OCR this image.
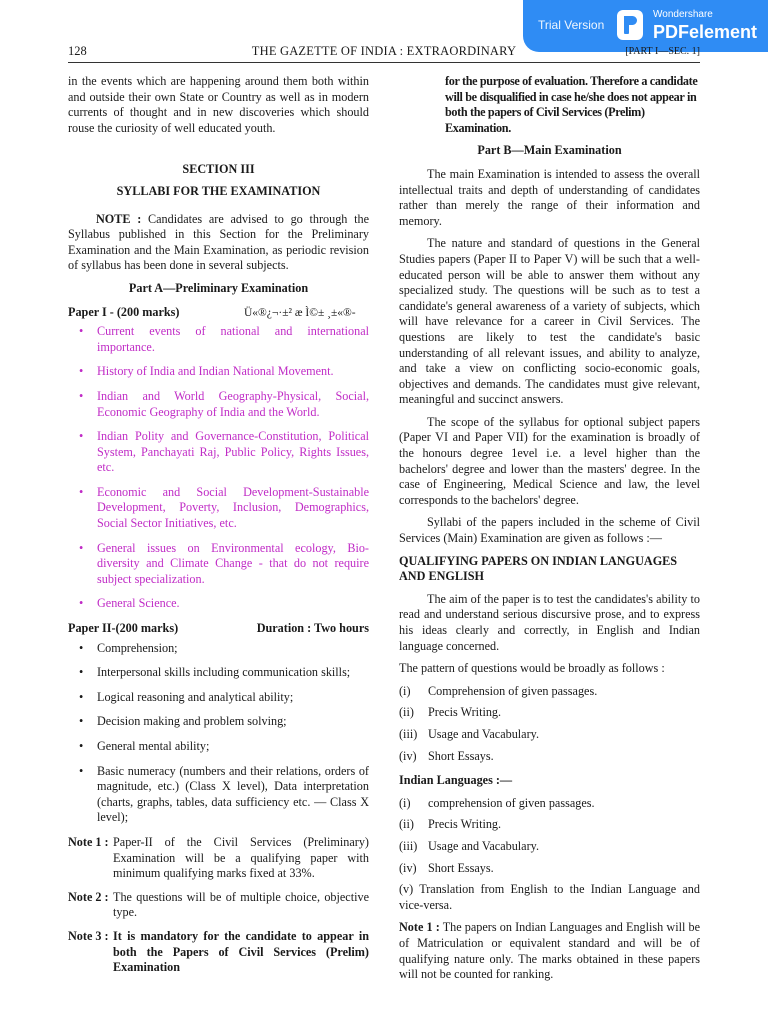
Trial Version
Wondershare
PDFelement
THE GAZETTE OF INDIA : EXTRAORDINARY
128	[PART I—SEC. 1]

in the events which are happening around them both within and outside their own State or Country as well as in modern currents of thought and in new discoveries which should rouse the curiosity of well educated youth.

SECTION III
SYLLABI FOR THE EXAMINATION

NOTE : Candidates are advised to go through the Syllabus published in this Section for the Preliminary Examination and the Main Examination, as periodic revision of syllabus has been done in several subjects.

Part A—Preliminary Examination
Paper I - (200 marks)	Ü«®¿¬·±² æ Ì©± ¸±«®-
• Current events of national and international importance.
• History of India and Indian National Movement.
• Indian and World Geography-Physical, Social, Economic Geography of India and the World.
• Indian Polity and Governance-Constitution, Political System, Panchayati Raj, Public Policy, Rights Issues, etc.
• Economic and Social Development-Sustainable Development, Poverty, Inclusion, Demographics, Social Sector Initiatives, etc.
• General issues on Environmental ecology, Bio-diversity and Climate Change - that do not require subject specialization.
• General Science.
Paper II-(200 marks)	Duration : Two hours
• Comprehension;
• Interpersonal skills including communication skills;
• Logical reasoning and analytical ability;
• Decision making and problem solving;
• General mental ability;
• Basic numeracy (numbers and their relations, orders of magnitude, etc.) (Class X level), Data interpretation (charts, graphs, tables, data sufficiency etc. — Class X level);
Note 1 : Paper-II of the Civil Services (Preliminary) Examination will be a qualifying paper with minimum qualifying marks fixed at 33%.
Note 2 : The questions will be of multiple choice, objective type.
Note 3 : It is mandatory for the candidate to appear in both the Papers of Civil Services (Prelim) Examination

for the purpose of evaluation. Therefore a candidate will be disqualified in case he/she does not appear in both the papers of Civil Services (Prelim) Examination.

Part B—Main Examination

The main Examination is intended to assess the overall intellectual traits and depth of understanding of candidates rather than merely the range of their information and memory.

The nature and standard of questions in the General Studies papers (Paper II to Paper V) will be such that a well-educated person will be able to answer them without any specialized study. The questions will be such as to test a candidate's general awareness of a variety of subjects, which will have relevance for a career in Civil Services. The questions are likely to test the candidate's basic understanding of all relevant issues, and ability to analyze, and take a view on conflicting socio-economic goals, objectives and demands. The candidates must give relevant, meaningful and succinct answers.

The scope of the syllabus for optional subject papers (Paper VI and Paper VII) for the examination is broadly of the honours degree 1evel i.e. a level higher than the bachelors' degree and lower than the masters' degree. In the case of Engineering, Medical Science and law, the level corresponds to the bachelors' degree.

Syllabi of the papers included in the scheme of Civil Services (Main) Examination are given as follows :—

QUALIFYING PAPERS ON INDIAN LANGUAGES AND ENGLISH

The aim of the paper is to test the candidates's ability to read and understand serious discursive prose, and to express his ideas clearly and correctly, in English and Indian language concerned.

The pattern of questions would be broadly as follows :

(i)	Comprehension of given passages.
(ii)	Precis Writing.
(iii) Usage and Vacabulary.
(iv) Short Essays.

Indian Languages :—

(i)	comprehension of given passages.
(ii)	Precis Writing.
(iii) Usage and Vacabulary.
(iv) Short Essays.

(v) Translation from English to the Indian Language and vice-versa.

Note 1 : The papers on Indian Languages and English will be of Matriculation or equivalent standard and will be of qualifying nature only. The marks obtained in these papers will not be counted for ranking.
